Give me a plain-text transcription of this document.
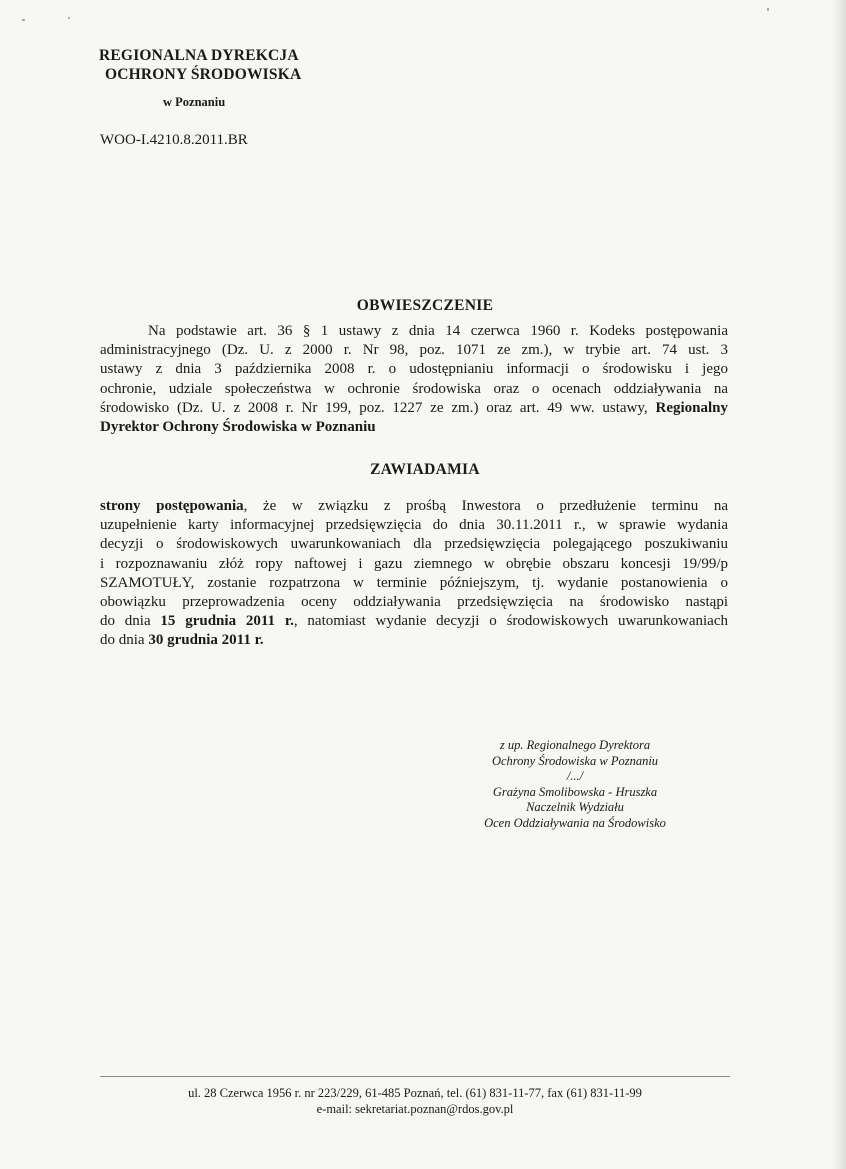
REGIONALNA DYREKCJA
OCHRONY ŚRODOWISKA
w Poznaniu
WOO-I.4210.8.2011.BR
OBWIESZCZENIE
Na podstawie art. 36 § 1 ustawy z dnia 14 czerwca 1960 r. Kodeks postępowania
administracyjnego (Dz. U. z 2000 r. Nr 98, poz. 1071 ze zm.), w trybie art. 74 ust. 3
ustawy z dnia 3 października 2008 r. o udostępnianiu informacji o środowisku i jego
ochronie, udziale społeczeństwa w ochronie środowiska oraz o ocenach oddziaływania na
środowisko (Dz. U. z 2008 r. Nr 199, poz. 1227 ze zm.) oraz art. 49 ww. ustawy, Regionalny
Dyrektor Ochrony Środowiska w Poznaniu
ZAWIADAMIA
strony postępowania, że w związku z prośbą Inwestora o przedłużenie terminu na
uzupełnienie karty informacyjnej przedsięwzięcia do dnia 30.11.2011 r., w sprawie wydania
decyzji o środowiskowych uwarunkowaniach dla przedsięwzięcia polegającego poszukiwaniu
i rozpoznawaniu złóż ropy naftowej i gazu ziemnego w obrębie obszaru koncesji 19/99/p
SZAMOTUŁY, zostanie rozpatrzona w terminie późniejszym, tj. wydanie postanowienia o
obowiązku przeprowadzenia oceny oddziaływania przedsięwzięcia na środowisko nastąpi
do dnia 15 grudnia 2011 r., natomiast wydanie decyzji o środowiskowych uwarunkowaniach
do dnia 30 grudnia 2011 r.
z up. Regionalnego Dyrektora
Ochrony Środowiska w Poznaniu
/.../
Grażyna Smolibowska - Hruszka
Naczelnik Wydziału
Ocen Oddziaływania na Środowisko
ul. 28 Czerwca 1956 r. nr 223/229, 61-485 Poznań, tel. (61) 831-11-77, fax (61) 831-11-99
e-mail: sekretariat.poznan@rdos.gov.pl
